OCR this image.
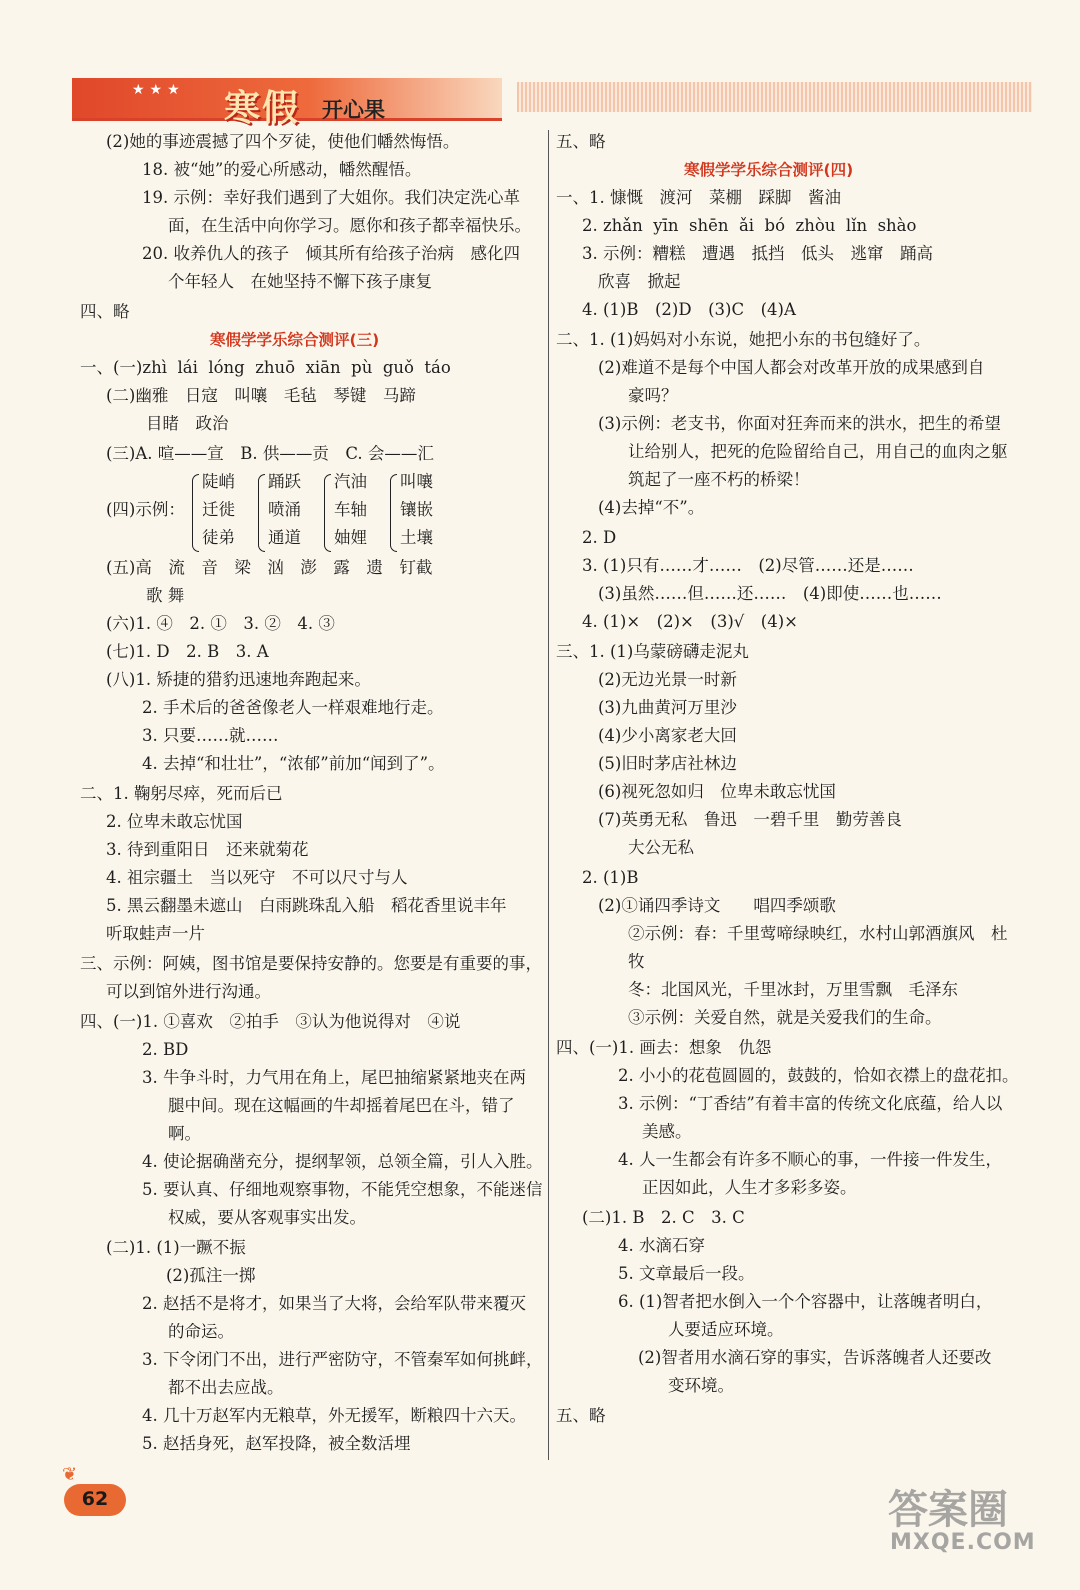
★★★ 寒假 开心果
(2)她的事迹震撼了四个歹徒，使他们幡然悔悟。
18. 被“她”的爱心所感动，幡然醒悟。
19. 示例：幸好我们遇到了大姐你。我们决定洗心革
面，在生活中向你学习。愿你和孩子都幸福快乐。
20. 收养仇人的孩子　倾其所有给孩子治病　感化四
个年轻人　在她坚持不懈下孩子康复
四、略
寒假学学乐综合测评(三)
一、(一)zhì  lái  lóng  zhuō  xiān  pù  guǒ  táo
(二)幽雅　日寇　叫嚷　毛毡　琴键　马蹄
目睹　政治
(三)A. 喧——宣　B. 供——贡　C. 会——汇
(四)示例：
陡峭
迁徙
徒弟
踊跃
喷涌
通道
汽油
车轴
妯娌
叫嚷
镶嵌
土壤
(五)高　流　音　梁　汹　澎　露　遗　钉截
歌 舞
(六)1. ④　2. ①　3. ②　4. ③
(七)1. D　2. B　3. A
(八)1. 矫捷的猎豹迅速地奔跑起来。
2. 手术后的爸爸像老人一样艰难地行走。
3. 只要……就……
4. 去掉“和壮壮”，“浓郁”前加“闻到了”。
二、1. 鞠躬尽瘁，死而后已
2. 位卑未敢忘忧国
3. 待到重阳日　还来就菊花
4. 祖宗疆土　当以死守　不可以尺寸与人
5. 黑云翻墨未遮山　白雨跳珠乱入船　稻花香里说丰年
听取蛙声一片
三、示例：阿姨，图书馆是要保持安静的。您要是有重要的事，
可以到馆外进行沟通。
四、(一)1. ①喜欢　②拍手　③认为他说得对　④说
2. BD
3. 牛争斗时，力气用在角上，尾巴抽缩紧紧地夹在两
腿中间。现在这幅画的牛却摇着尾巴在斗，错了
啊。
4. 使论据确凿充分，提纲挈领，总领全篇，引人入胜。
5. 要认真、仔细地观察事物，不能凭空想象，不能迷信
权威，要从客观事实出发。
(二)1. (1)一蹶不振
(2)孤注一掷
2. 赵括不是将才，如果当了大将，会给军队带来覆灭
的命运。
3. 下令闭门不出，进行严密防守，不管秦军如何挑衅，
都不出去应战。
4. 几十万赵军内无粮草，外无援军，断粮四十六天。
5. 赵括身死，赵军投降，被全数活埋
五、略
寒假学学乐综合测评(四)
一、1. 慷慨　渡河　菜棚　踩脚　酱油
2. zhǎn  yīn  shēn  ǎi  bó  zhòu  lǐn  shào
3. 示例：糟糕　遭遇　抵挡　低头　逃窜　踊高
欣喜　掀起
4. (1)B　(2)D　(3)C　(4)A
二、1. (1)妈妈对小东说，她把小东的书包缝好了。
(2)难道不是每个中国人都会对改革开放的成果感到自
豪吗？
(3)示例：老支书，你面对狂奔而来的洪水，把生的希望
让给别人，把死的危险留给自己，用自己的血肉之躯
筑起了一座不朽的桥梁！
(4)去掉“不”。
2. D
3. (1)只有……才……　(2)尽管……还是……
(3)虽然……但……还……　(4)即使……也……
4. (1)×　(2)×　(3)√　(4)×
三、1. (1)乌蒙磅礴走泥丸
(2)无边光景一时新
(3)九曲黄河万里沙
(4)少小离家老大回
(5)旧时茅店社林边
(6)视死忽如归　位卑未敢忘忧国
(7)英勇无私　鲁迅　一碧千里　勤劳善良
大公无私
2. (1)B
(2)①诵四季诗文　　唱四季颂歌
②示例：春：千里莺啼绿映红，水村山郭酒旗风　杜
牧
冬：北国风光，千里冰封，万里雪飘　毛泽东
③示例：关爱自然，就是关爱我们的生命。
四、(一)1. 画去：想象　仇怨
2. 小小的花苞圆圆的，鼓鼓的，恰如衣襟上的盘花扣。
3. 示例：“丁香结”有着丰富的传统文化底蕴，给人以
美感。
4. 人一生都会有许多不顺心的事，一件接一件发生，
正因如此，人生才多彩多姿。
(二)1. B　2. C　3. C
4. 水滴石穿
5. 文章最后一段。
6. (1)智者把水倒入一个个容器中，让落魄者明白，
人要适应环境。
(2)智者用水滴石穿的事实，告诉落魄者人还要改
变环境。
五、略
❦
62	答案圈
MXQE.COM
